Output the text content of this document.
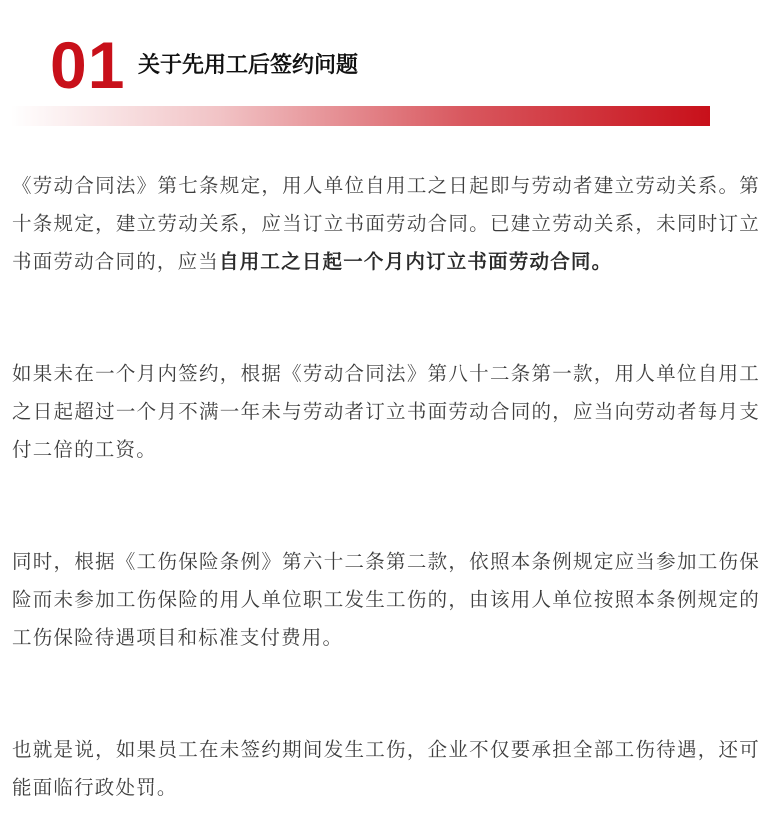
01 关于先用工后签约问题

《劳动合同法》第七条规定，用人单位自用工之日起即与劳动者建立劳动关系。第十条规定，建立劳动关系，应当订立书面劳动合同。已建立劳动关系，未同时订立书面劳动合同的，应当自用工之日起一个月内订立书面劳动合同。

如果未在一个月内签约，根据《劳动合同法》第八十二条第一款，用人单位自用工之日起超过一个月不满一年未与劳动者订立书面劳动合同的，应当向劳动者每月支付二倍的工资。

同时，根据《工伤保险条例》第六十二条第二款，依照本条例规定应当参加工伤保险而未参加工伤保险的用人单位职工发生工伤的，由该用人单位按照本条例规定的工伤保险待遇项目和标准支付费用。

也就是说，如果员工在未签约期间发生工伤，企业不仅要承担全部工伤待遇，还可能面临行政处罚。
